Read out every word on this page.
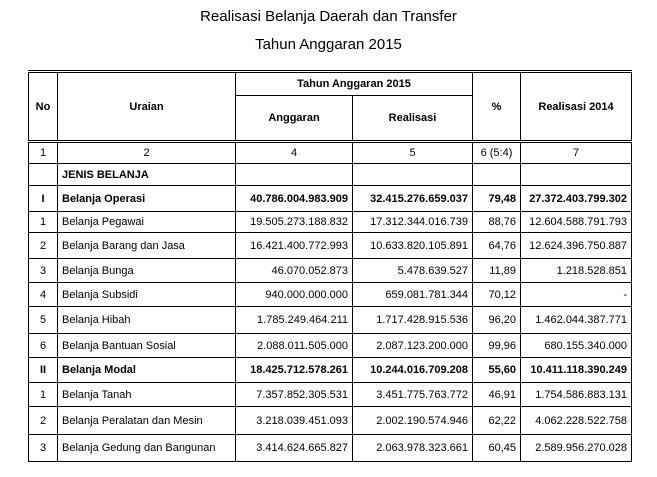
Realisasi Belanja Daerah dan Transfer
Tahun Anggaran 2015
No	Uraian	Tahun Anggaran 2015		%	Realisasi 2014
		Anggaran	Realisasi		
1	2	4	5	6 (5:4)	7
	JENIS BELANJA				
I	Belanja Operasi	40.786.004.983.909	32.415.276.659.037	79,48	27.372.403.799.302
1	Belanja Pegawai	19.505.273.188.832	17.312.344.016.739	88,76	12.604.588.791.793
2	Belanja Barang dan Jasa	16.421.400.772.993	10.633.820.105.891	64,76	12.624.396.750.887
3	Belanja Bunga	46.070.052.873	5.478.639.527	11,89	1.218.528.851
4	Belanja Subsidi	940.000.000.000	659.081.781.344	70,12	-
5	Belanja Hibah	1.785.249.464.211	1.717.428.915.536	96,20	1.462.044.387.771
6	Belanja Bantuan Sosial	2.088.011.505.000	2.087.123.200.000	99,96	680.155.340.000
II	Belanja Modal	18.425.712.578.261	10.244.016.709.208	55,60	10.411.118.390.249
1	Belanja Tanah	7.357.852.305.531	3.451.775.763.772	46,91	1.754.586.883.131
2	Belanja Peralatan dan Mesin	3.218.039.451.093	2.002.190.574.946	62,22	4.062.228.522.758
3	Belanja Gedung dan Bangunan	3.414.624.665.827	2.063.978.323.661	60,45	2.589.956.270.028
